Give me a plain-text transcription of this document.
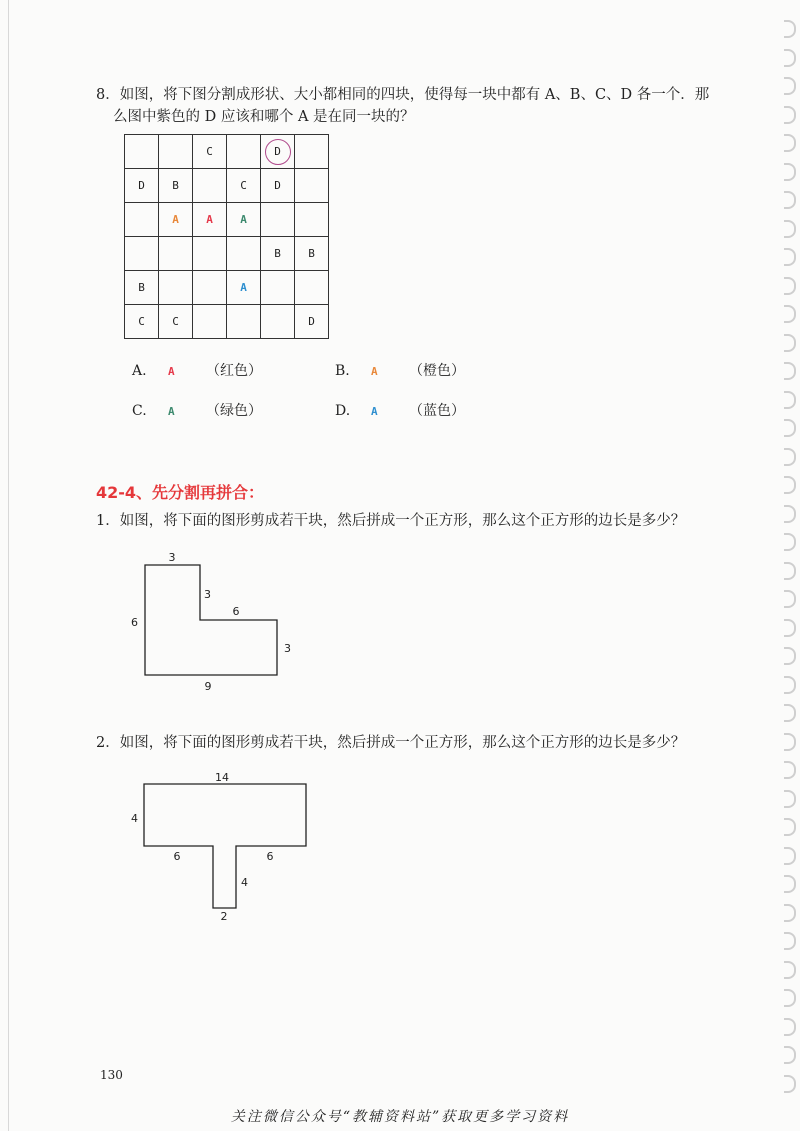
8．如图，将下图分割成形状、大小都相同的四块，使得每一块中都有 A、B、C、D 各一个．那
么图中紫色的 D 应该和哪个 A 是在同一块的？
		C		D	
D	B		C	D	
	A	A	A		
				B	B
B			A		
C	C				D
A. A （红色）	B. A （橙色）
C. A （绿色）	D. A （蓝色）
42-4、先分割再拼合：
1．如图，将下面的图形剪成若干块，然后拼成一个正方形，那么这个正方形的边长是多少？
3
3
6
3
6
9
2．如图，将下面的图形剪成若干块，然后拼成一个正方形，那么这个正方形的边长是多少？
14
4
6	6
4
2
130
关注微信公众号“教辅资料站”获取更多学习资料
